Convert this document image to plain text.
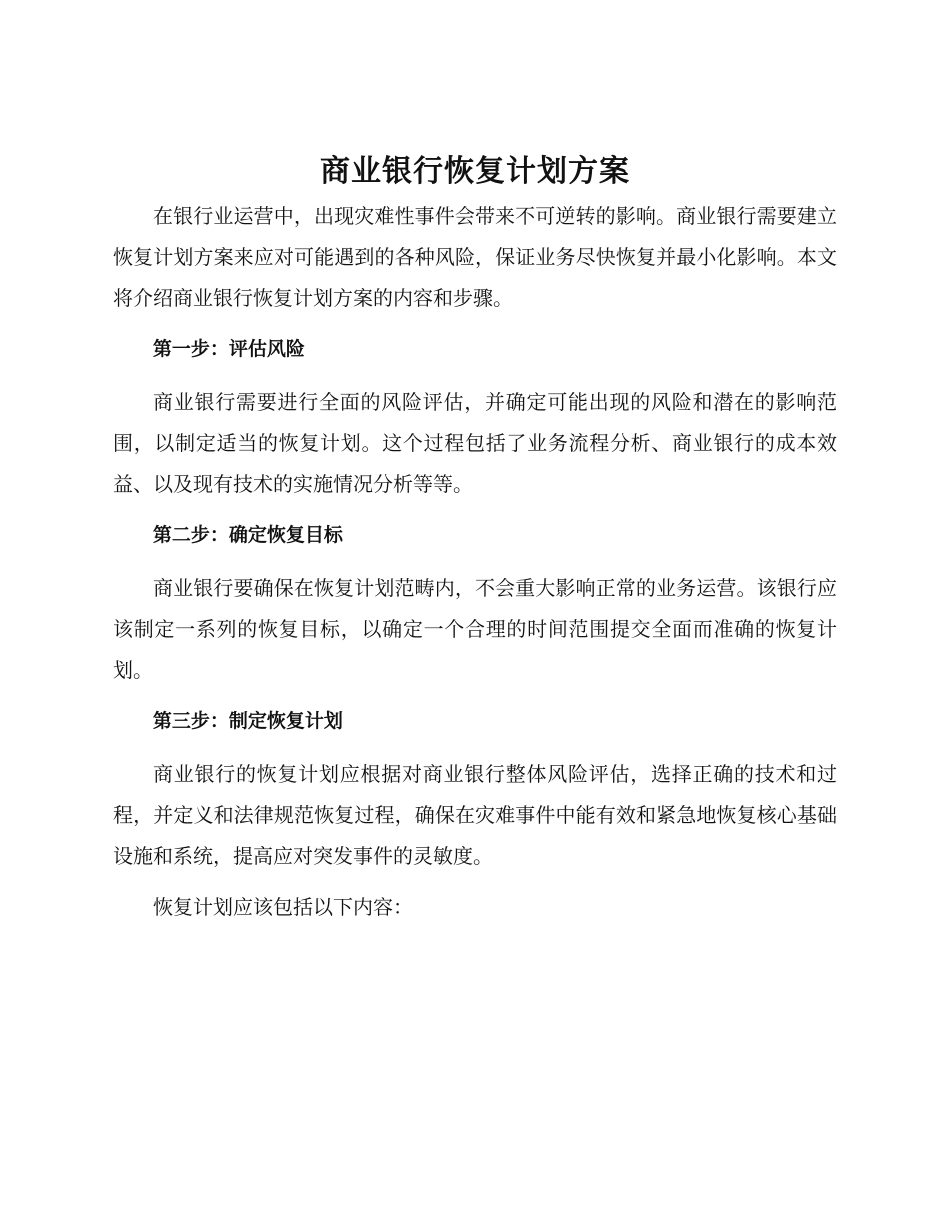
商业银行恢复计划方案

在银行业运营中，出现灾难性事件会带来不可逆转的影响。商业银行需要建立恢复计划方案来应对可能遇到的各种风险，保证业务尽快恢复并最小化影响。本文将介绍商业银行恢复计划方案的内容和步骤。

第一步：评估风险

商业银行需要进行全面的风险评估，并确定可能出现的风险和潜在的影响范围，以制定适当的恢复计划。这个过程包括了业务流程分析、商业银行的成本效益、以及现有技术的实施情况分析等等。

第二步：确定恢复目标

商业银行要确保在恢复计划范畴内，不会重大影响正常的业务运营。该银行应该制定一系列的恢复目标，以确定一个合理的时间范围提交全面而准确的恢复计划。

第三步：制定恢复计划

商业银行的恢复计划应根据对商业银行整体风险评估，选择正确的技术和过程，并定义和法律规范恢复过程，确保在灾难事件中能有效和紧急地恢复核心基础设施和系统，提高应对突发事件的灵敏度。

恢复计划应该包括以下内容：
